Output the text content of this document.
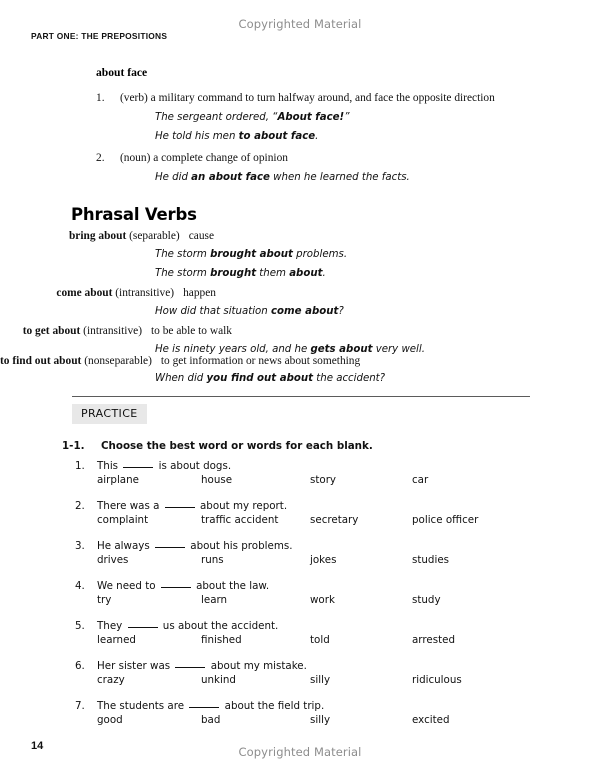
Copyrighted Material
PART ONE: THE PREPOSITIONS
about face
1. (verb) a military command to turn halfway around, and face the opposite direction
The sergeant ordered, “About face!”
He told his men to about face.
2. (noun) a complete change of opinion
He did an about face when he learned the facts.
Phrasal Verbs
bring about (separable) cause
The storm brought about problems.
The storm brought them about.
come about (intransitive) happen
How did that situation come about?
to get about (intransitive) to be able to walk
He is ninety years old, and he gets about very well.
to find out about (nonseparable) to get information or news about something
When did you find out about the accident?
PRACTICE
1-1. Choose the best word or words for each blank.
1. This	is about dogs.
airplane	house	story	car
2. There was a	about my report.
complaint	traffic accident	secretary	police officer
3. He always	about his problems.
drives	runs	jokes	studies
4. We need to	about the law.
try	learn	work	study
5. They	us about the accident.
learned	finished	told	arrested
6. Her sister was	about my mistake.
crazy	unkind	silly	ridiculous
7. The students are	about the field trip.
good	bad	silly	excited
14	Copyrighted Material
